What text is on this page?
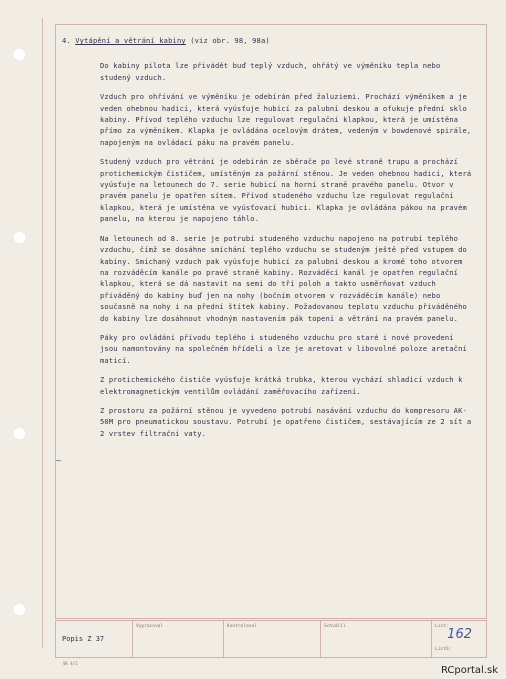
4. Vytápění a větrání kabiny (viz obr. 98, 98a)

Do kabiny pilota lze přivádět buď teplý vzduch, ohřátý ve výměníku tepla nebo studený vzduch.

Vzduch pro ohřívání ve výměníku je odebírán před žaluziemi. Prochází výměníkem a je veden ohebnou hadicí, která vyúsťuje hubicí za palubní deskou a ofukuje přední sklo kabiny. Přívod teplého vzduchu lze regulovat regulační klapkou, která je umístěna přímo za výměníkem. Klapka je ovládána ocelovým drátem, vedeným v bowdenové spirále, napojeným na ovládací páku na pravém panelu.

Studený vzduch pro větrání je odebírán ze sběrače po levé straně trupu a prochází protichemickým čističem, umístěným za požární stěnou. Je veden ohebnou hadicí, která vyúsťuje na letounech do 7. serie hubicí na horní straně pravého panelu. Otvor v pravém panelu je opatřen sítem. Přívod studeného vzduchu lze regulovat regulační klapkou, která je umístěna ve vyúsťovací hubici. Klapka je ovládána pákou na pravém panelu, na kterou je napojeno táhlo.

Na letounech od 8. serie je potrubí studeného vzduchu napojeno na potrubí teplého vzduchu, čímž se dosáhne smíchání teplého vzduchu se studeným ještě před vstupem do kabiny. Smíchaný vzduch pak vyúsťuje hubicí za palubní deskou a kromě toho otvorem na rozváděcím kanále po pravé straně kabiny. Rozváděcí kanál je opatřen regulační klapkou, která se dá nastavit na semi do tří poloh a takto usměrňovat vzduch přiváděný do kabiny buď jen na nohy (bočním otvorem v rozváděcím kanále) nebo současně na nohy i na přední štítek kabiny. Požadovanou teplotu vzduchu přiváděného do kabiny lze dosáhnout vhodným nastavením pák topení a větrání na pravém panelu.

Páky pro ovládání přívodu teplého i studeného vzduchu pro staré i nové provedení jsou namontovány na společném hřídeli a lze je aretovat v libovolné poloze aretační maticí.

Z protichemického čističe vyúsťuje krátká trubka, kterou vychází shladicí vzduch k elektromagnetickým ventilům ovládání zaměřovacího zařízení.

Z prostoru za požární stěnou je vyvedeno potrubí nasávání vzduchu do kompresoru AK-50M pro pneumatickou soustavu. Potrubí je opatřeno čističem, sestávajícím ze 2 sít a 2 vrstev filtrační vaty.

–
Popis Z 37
Vypracoval	Kontroloval	Schválil	List:
162
Listů:
SK 4/1
RCportal.sk
